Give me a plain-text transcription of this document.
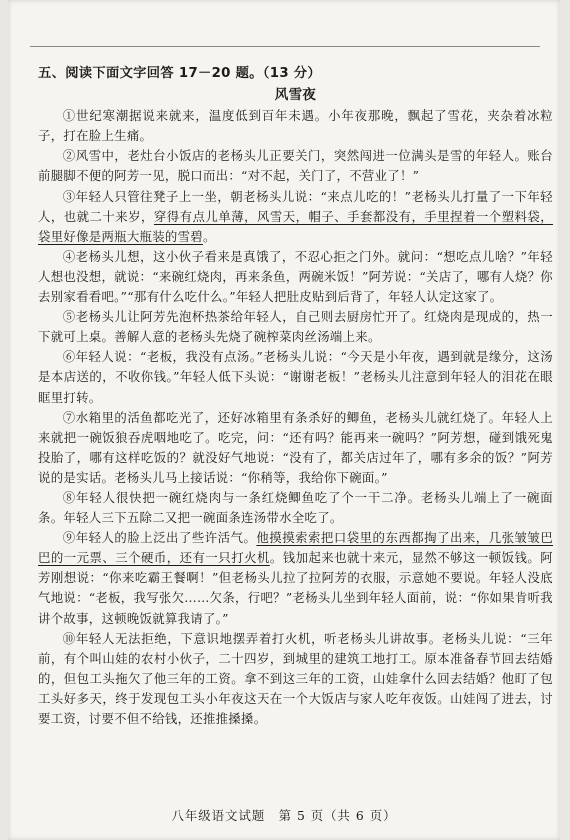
五、阅读下面文字回答 17－20 题。（13 分）

风雪夜

①世纪寒潮据说来就来，温度低到百年未遇。小年夜那晚，飘起了雪花，夹杂着冰粒子，打在脸上生痛。

②风雪中，老灶台小饭店的老杨头儿正要关门，突然闯进一位满头是雪的年轻人。账台前腿脚不便的阿芳一见，脱口而出：“对不起，关门了，不营业了！”

③年轻人只管往凳子上一坐，朝老杨头儿说：“来点儿吃的！”老杨头儿打量了一下年轻人，也就二十来岁，穿得有点儿单薄，风雪天，帽子、手套都没有，手里捏着一个塑料袋，袋里好像是两瓶大瓶装的雪碧。

④老杨头儿想，这小伙子看来是真饿了，不忍心拒之门外。就问：“想吃点儿啥？”年轻人想也没想，就说：“来碗红烧肉，再来条鱼，两碗米饭！”阿芳说：“关店了，哪有人烧？你去别家看看吧。”“那有什么吃什么。”年轻人把肚皮贴到后背了，年轻人认定这家了。

⑤老杨头儿让阿芳先泡杯热茶给年轻人，自己则去厨房忙开了。红烧肉是现成的，热一下就可上桌。善解人意的老杨头先烧了碗榨菜肉丝汤端上来。

⑥年轻人说：“老板，我没有点汤。”老杨头儿说：“今天是小年夜，遇到就是缘分，这汤是本店送的，不收你钱。”年轻人低下头说：“谢谢老板！”老杨头儿注意到年轻人的泪花在眼眶里打转。

⑦水箱里的活鱼都吃光了，还好冰箱里有条杀好的鲫鱼，老杨头儿就红烧了。年轻人上来就把一碗饭狼吞虎咽地吃了。吃完，问：“还有吗？能再来一碗吗？”阿芳想，碰到饿死鬼投胎了，哪有这样吃饭的？就没好气地说：“没有了，都关店过年了，哪有多余的饭？”阿芳说的是实话。老杨头儿马上接话说：“你稍等，我给你下碗面。”

⑧年轻人很快把一碗红烧肉与一条红烧鲫鱼吃了个一干二净。老杨头儿端上了一碗面条。年轻人三下五除二又把一碗面条连汤带水全吃了。

⑨年轻人的脸上泛出了些许活气。他摸摸索索把口袋里的东西都掏了出来，几张皱皱巴巴的一元票、三个硬币，还有一只打火机。钱加起来也就十来元，显然不够这一顿饭钱。阿芳刚想说：“你来吃霸王餐啊！”但老杨头儿拉了拉阿芳的衣服，示意她不要说。年轻人没底气地说：“老板，我写张欠……欠条，行吧？”老杨头儿坐到年轻人面前，说：“你如果肯听我讲个故事，这顿晚饭就算我请了。”

⑩年轻人无法拒绝，下意识地摆弄着打火机，听老杨头儿讲故事。老杨头儿说：“三年前，有个叫山娃的农村小伙子，二十四岁，到城里的建筑工地打工。原本准备春节回去结婚的，但包工头拖欠了他三年的工资。拿不到这三年的工资，山娃拿什么回去结婚？他盯了包工头好多天，终于发现包工头小年夜这天在一个大饭店与家人吃年夜饭。山娃闯了进去，讨要工资，讨要不但不给钱，还推推搡搡。

八年级语文试题　第 5 页（共 6 页）
